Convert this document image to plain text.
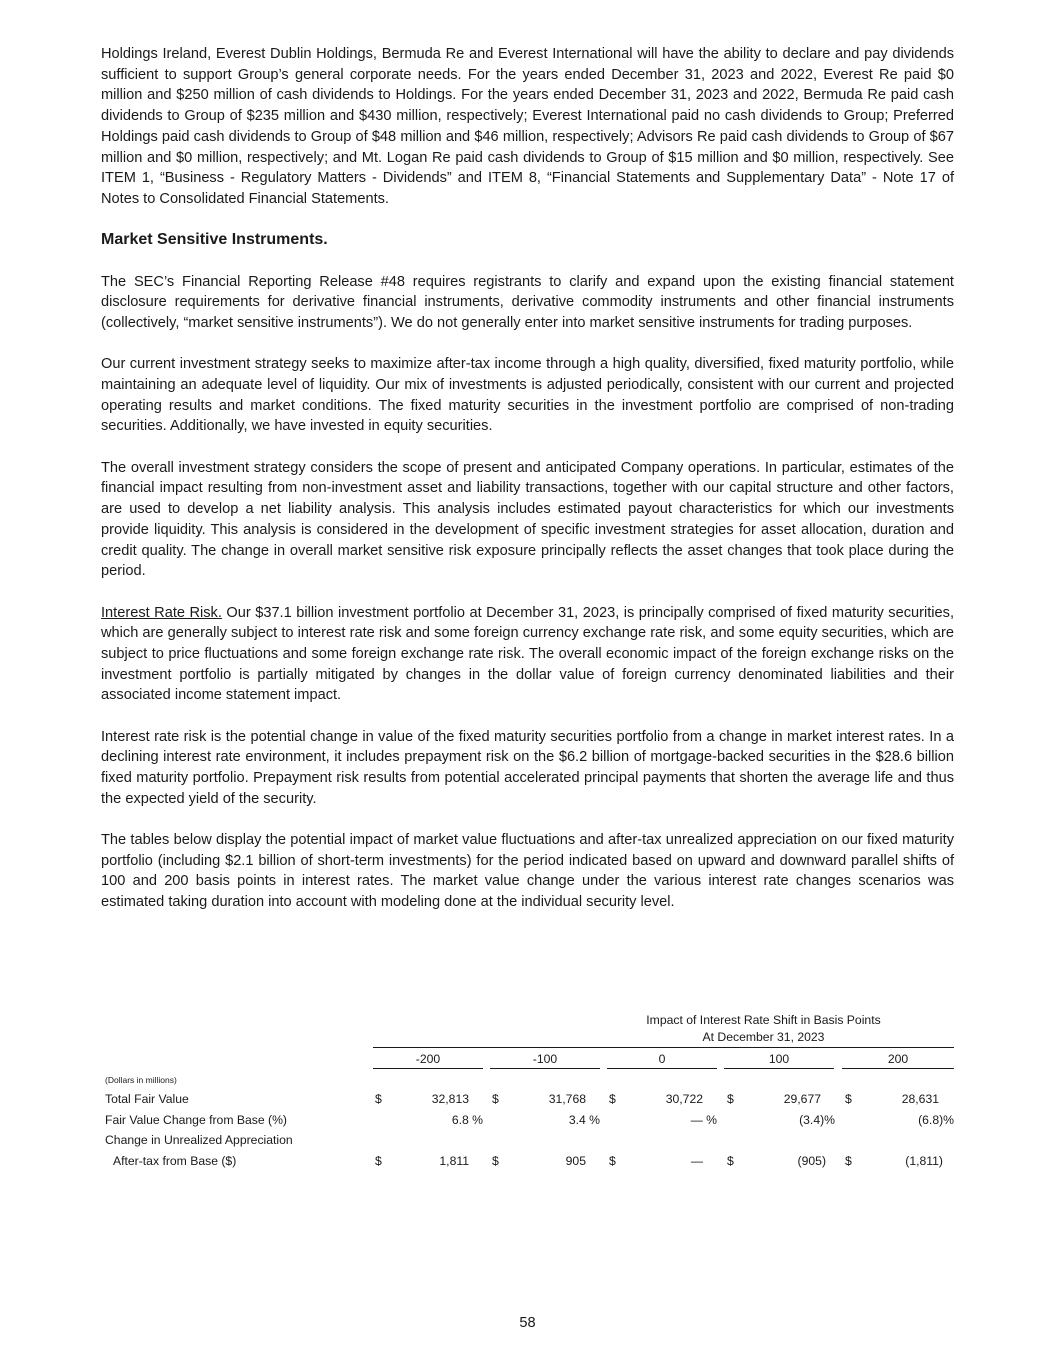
Holdings Ireland, Everest Dublin Holdings, Bermuda Re and Everest International will have the ability to declare and pay dividends sufficient to support Group’s general corporate needs. For the years ended December 31, 2023 and 2022, Everest Re paid $0 million and $250 million of cash dividends to Holdings. For the years ended December 31, 2023 and 2022, Bermuda Re paid cash dividends to Group of $235 million and $430 million, respectively; Everest International paid no cash dividends to Group; Preferred Holdings paid cash dividends to Group of $48 million and $46 million, respectively; Advisors Re paid cash dividends to Group of $67 million and $0 million, respectively; and Mt. Logan Re paid cash dividends to Group of $15 million and $0 million, respectively. See ITEM 1, “Business - Regulatory Matters - Dividends” and ITEM 8, “Financial Statements and Supplementary Data” - Note 17 of Notes to Consolidated Financial Statements.

Market Sensitive Instruments.

The SEC’s Financial Reporting Release #48 requires registrants to clarify and expand upon the existing financial statement disclosure requirements for derivative financial instruments, derivative commodity instruments and other financial instruments (collectively, “market sensitive instruments”). We do not generally enter into market sensitive instruments for trading purposes.

Our current investment strategy seeks to maximize after-tax income through a high quality, diversified, fixed maturity portfolio, while maintaining an adequate level of liquidity. Our mix of investments is adjusted periodically, consistent with our current and projected operating results and market conditions. The fixed maturity securities in the investment portfolio are comprised of non-trading securities. Additionally, we have invested in equity securities.

The overall investment strategy considers the scope of present and anticipated Company operations. In particular, estimates of the financial impact resulting from non-investment asset and liability transactions, together with our capital structure and other factors, are used to develop a net liability analysis. This analysis includes estimated payout characteristics for which our investments provide liquidity. This analysis is considered in the development of specific investment strategies for asset allocation, duration and credit quality. The change in overall market sensitive risk exposure principally reflects the asset changes that took place during the period.

Interest Rate Risk. Our $37.1 billion investment portfolio at December 31, 2023, is principally comprised of fixed maturity securities, which are generally subject to interest rate risk and some foreign currency exchange rate risk, and some equity securities, which are subject to price fluctuations and some foreign exchange rate risk. The overall economic impact of the foreign exchange risks on the investment portfolio is partially mitigated by changes in the dollar value of foreign currency denominated liabilities and their associated income statement impact.

Interest rate risk is the potential change in value of the fixed maturity securities portfolio from a change in market interest rates. In a declining interest rate environment, it includes prepayment risk on the $6.2 billion of mortgage-backed securities in the $28.6 billion fixed maturity portfolio. Prepayment risk results from potential accelerated principal payments that shorten the average life and thus the expected yield of the security.

The tables below display the potential impact of market value fluctuations and after-tax unrealized appreciation on our fixed maturity portfolio (including $2.1 billion of short-term investments) for the period indicated based on upward and downward parallel shifts of 100 and 200 basis points in interest rates. The market value change under the various interest rate changes scenarios was estimated taking duration into account with modeling done at the individual security level.

Impact of Interest Rate Shift in Basis Points
At December 31, 2023
-200	-100	0	100	200
(Dollars in millions)
Total Fair Value	$	32,813 $	31,768 $	30,722 $	29,677 $	28,631
Fair Value Change from Base (%)	6.8 %	3.4 %	— %	(3.4)%	(6.8)%
Change in Unrealized Appreciation
After-tax from Base ($)	$	1,811 $	905 $	— $	(905) $	(1,811)
58
